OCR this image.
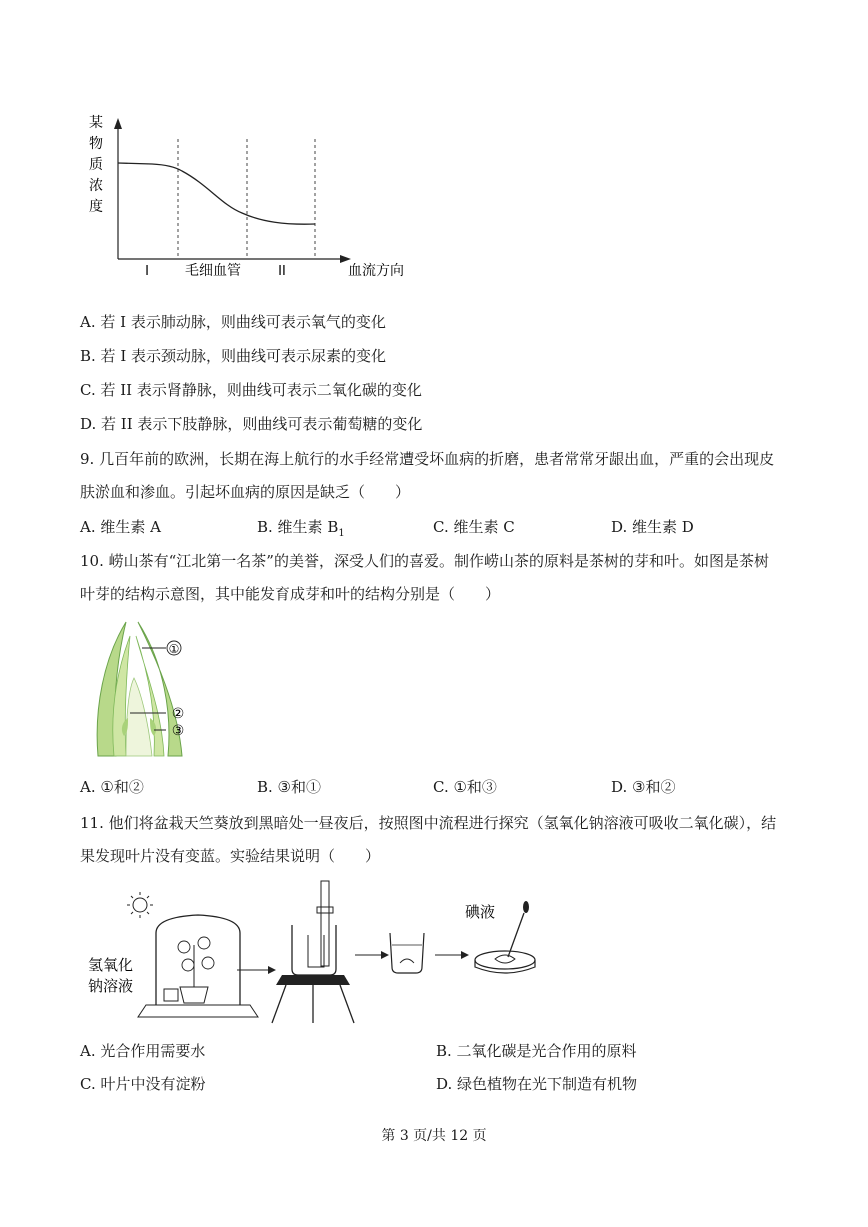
某
物
质
浓
度
I	毛细血管	II	血流方向
A. 若 I 表示肺动脉，则曲线可表示氧气的变化
B. 若 I 表示颈动脉，则曲线可表示尿素的变化
C. 若 II 表示肾静脉，则曲线可表示二氧化碳的变化
D. 若 II 表示下肢静脉，则曲线可表示葡萄糖的变化
9. 几百年前的欧洲，长期在海上航行的水手经常遭受坏血病的折磨，患者常常牙龈出血，严重的会出现皮
肤淤血和渗血。引起坏血病的原因是缺乏（　　）
A. 维生素 A	B. 维生素 $B_1$	C. 维生素 C	D. 维生素 D
10. 崂山茶有“江北第一名茶”的美誉，深受人们的喜爱。制作崂山茶的原料是茶树的芽和叶。如图是茶树
叶芽的结构示意图，其中能发育成芽和叶的结构分别是（　　）
①
②
③
A. ①和②	B. ③和①	C. ①和③	D. ③和②
11. 他们将盆栽天竺葵放到黑暗处一昼夜后，按照图中流程进行探究（氢氧化钠溶液可吸收二氧化碳），结
果发现叶片没有变蓝。实验结果说明（　　）
氢氧化
钠溶液
碘液
A. 光合作用需要水	B. 二氧化碳是光合作用的原料
C. 叶片中没有淀粉	D. 绿色植物在光下制造有机物
第 3 页/共 12 页
